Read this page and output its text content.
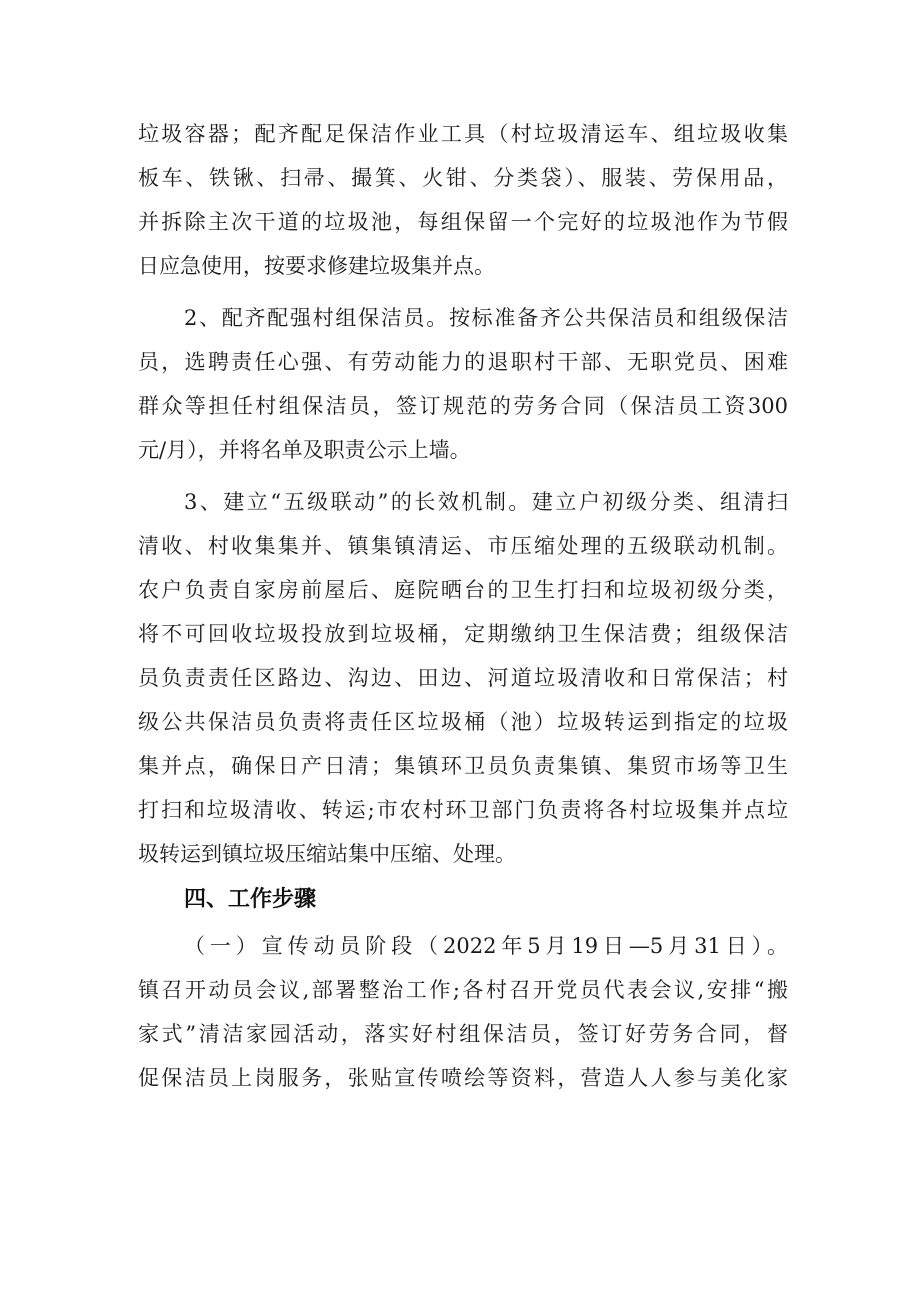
垃圾容器；配齐配足保洁作业工具（村垃圾清运车、组垃圾收集
板车、铁锹、扫帚、撮箕、火钳、分类袋）、服装、劳保用品，
并拆除主次干道的垃圾池，每组保留一个完好的垃圾池作为节假
日应急使用，按要求修建垃圾集并点。
2、配齐配强村组保洁员。按标准备齐公共保洁员和组级保洁
员，选聘责任心强、有劳动能力的退职村干部、无职党员、困难
群众等担任村组保洁员，签订规范的劳务合同（保洁员工资300
元/月），并将名单及职责公示上墙。
3、建立“五级联动”的长效机制。建立户初级分类、组清扫
清收、村收集集并、镇集镇清运、市压缩处理的五级联动机制。
农户负责自家房前屋后、庭院晒台的卫生打扫和垃圾初级分类，
将不可回收垃圾投放到垃圾桶，定期缴纳卫生保洁费；组级保洁
员负责责任区路边、沟边、田边、河道垃圾清收和日常保洁；村
级公共保洁员负责将责任区垃圾桶（池）垃圾转运到指定的垃圾
集并点，确保日产日清；集镇环卫员负责集镇、集贸市场等卫生
打扫和垃圾清收、转运;市农村环卫部门负责将各村垃圾集并点垃
圾转运到镇垃圾压缩站集中压缩、处理。
四、工作步骤
（一）宣传动员阶段（2022年5月19日—5月31日）。
镇召开动员会议,部署整治工作;各村召开党员代表会议,安排“搬
家式”清洁家园活动，落实好村组保洁员，签订好劳务合同，督
促保洁员上岗服务，张贴宣传喷绘等资料，营造人人参与美化家
